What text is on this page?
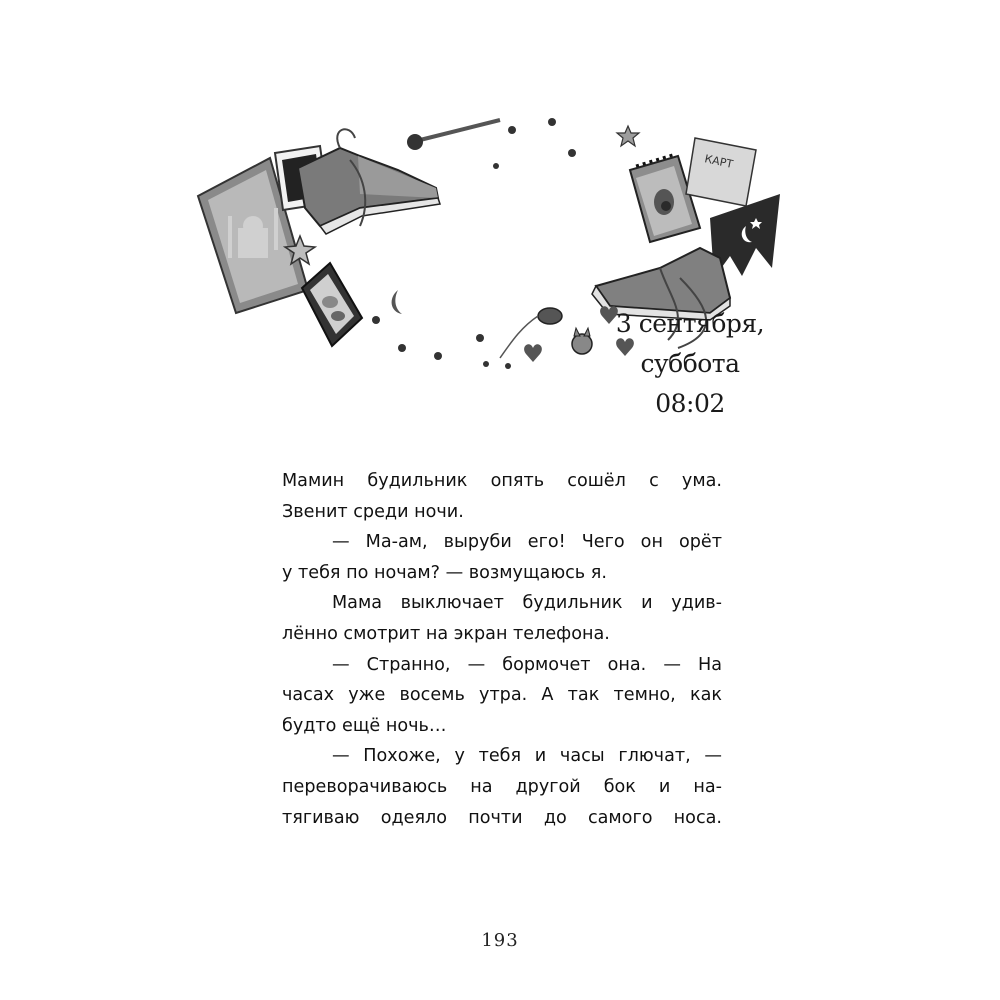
КАРТ
3 сентября,
суббота
08:02
Мамин будильник опять сошёл с ума.
Звенит среди ночи.
— Ма-ам, выруби его! Чего он орёт
у тебя по ночам? — возмущаюсь я.
Мама выключает будильник и удив-
лённо смотрит на экран телефона.
— Странно, — бормочет она. — На
часах уже восемь утра. А так темно, как
будто ещё ночь…
— Похоже, у тебя и часы глючат, —
переворачиваюсь на другой бок и на-
тягиваю одеяло почти до самого носа.
193
